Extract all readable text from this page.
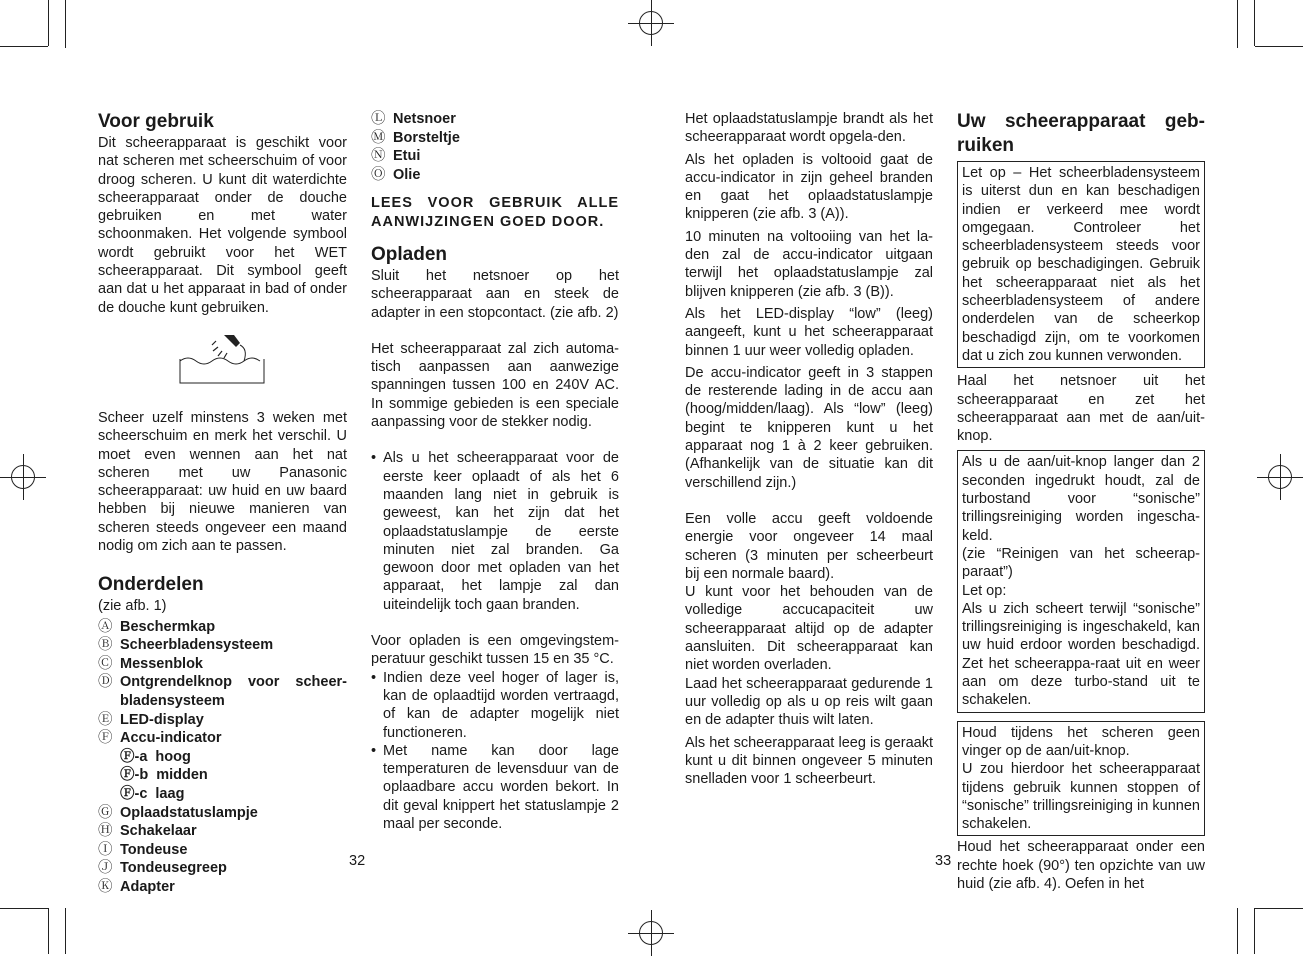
Voor gebruik

Dit scheerapparaat is geschikt voor nat scheren met scheerschuim of voor droog scheren. U kunt dit waterdichte scheerapparaat onder de douche gebruiken en met water schoonmaken. Het volgende symbool wordt gebruikt voor het WET scheerapparaat. Dit symbool geeft aan dat u het apparaat in bad of onder de douche kunt gebruiken.

Scheer uzelf minstens 3 weken met scheerschuim en merk het verschil. U moet even wennen aan het nat scheren met uw Panasonic scheerapparaat: uw huid en uw baard hebben bij nieuwe manieren van scheren steeds ongeveer een maand nodig om zich aan te passen.

Onderdelen
(zie afb. 1)
Ⓐ Beschermkap
Ⓑ Scheerbladensysteem
Ⓒ Messenblok
Ⓓ Ontgrendelknop voor scheer-bladensysteem
Ⓔ LED-display
Ⓕ Accu-indicator
Ⓕ-a hoog
Ⓕ-b midden
Ⓕ-c laag
Ⓖ Oplaadstatuslampje
Ⓗ Schakelaar
Ⓘ Tondeuse
Ⓙ Tondeusegreep
Ⓚ Adapter
Ⓛ Netsnoer
Ⓜ Borsteltje
Ⓝ Etui
Ⓞ Olie

LEES VOOR GEBRUIK ALLE AANWIJZINGEN GOED DOOR.

Opladen

Sluit het netsnoer op het scheerapparaat aan en steek de adapter in een stopcontact. (zie afb. 2)

Het scheerapparaat zal zich automa-tisch aanpassen aan aanwezige spanningen tussen 100 en 240V AC. In sommige gebieden is een speciale aanpassing voor de stekker nodig.

• Als u het scheerapparaat voor de eerste keer oplaadt of als het 6 maanden lang niet in gebruik is geweest, kan het zijn dat het oplaadstatuslampje de eerste minuten niet zal branden. Ga gewoon door met opladen van het apparaat, het lampje zal dan uiteindelijk toch gaan branden.

Voor opladen is een omgevingstem-peratuur geschikt tussen 15 en 35 °C.

• Indien deze veel hoger of lager is, kan de oplaadtijd worden vertraagd, of kan de adapter mogelijk niet functioneren.
• Met name kan door lage temperaturen de levensduur van de oplaadbare accu worden bekort. In dit geval knippert het statuslampje 2 maal per seconde.
32

Het oplaadstatuslampje brandt als het scheerapparaat wordt opgela-den.

Als het opladen is voltooid gaat de accu-indicator in zijn geheel branden en gaat het oplaadstatuslampje knipperen (zie afb. 3 (A)).

10 minuten na voltooiing van het la-den zal de accu-indicator uitgaan terwijl het oplaadstatuslampje zal blijven knipperen (zie afb. 3 (B)).

Als het LED-display “low” (leeg) aangeeft, kunt u het scheerapparaat binnen 1 uur weer volledig opladen.

De accu-indicator geeft in 3 stappen de resterende lading in de accu aan (hoog/midden/laag). Als “low” (leeg) begint te knipperen kunt u het apparaat nog 1 à 2 keer gebruiken. (Afhankelijk van de situatie kan dit verschillend zijn.)

Een volle accu geeft voldoende energie voor ongeveer 14 maal scheren (3 minuten per scheerbeurt bij een normale baard).

U kunt voor het behouden van de volledige accucapaciteit uw scheerapparaat altijd op de adapter aansluiten. Dit scheerapparaat kan niet worden overladen.

Laad het scheerapparaat gedurende 1 uur volledig op als u op reis wilt gaan en de adapter thuis wilt laten.

Als het scheerapparaat leeg is geraakt kunt u dit binnen ongeveer 5 minuten snelladen voor 1 scheerbeurt.

33
Uw scheerapparaat geb-ruiken

Let op – Het scheerbladensysteem is uiterst dun en kan beschadigen indien er verkeerd mee wordt omgegaan. Controleer het scheerbladensysteem steeds voor gebruik op beschadigingen. Gebruik het scheerapparaat niet als het scheerbladensysteem of andere onderdelen van de scheerkop beschadigd zijn, om te voorkomen dat u zich zou kunnen verwonden.

Haal het netsnoer uit het scheerapparaat en zet het scheerapparaat aan met de aan/uit-knop.

Als u de aan/uit-knop langer dan 2 seconden ingedrukt houdt, zal de turbostand voor “sonische” trillingsreiniging worden ingescha-keld.

(zie “Reinigen van het scheerap-paraat”)

Let op:

Als u zich scheert terwijl “sonische” trillingsreiniging is ingeschakeld, kan uw huid erdoor worden beschadigd. Zet het scheerappa-raat uit en weer aan om deze turbo-stand uit te schakelen.

Houd tijdens het scheren geen vinger op de aan/uit-knop.

U zou hierdoor het scheerapparaat tijdens gebruik kunnen stoppen of “sonische” trillingsreiniging in kunnen schakelen.

Houd het scheerapparaat onder een rechte hoek (90°) ten opzichte van uw huid (zie afb. 4). Oefen in het
